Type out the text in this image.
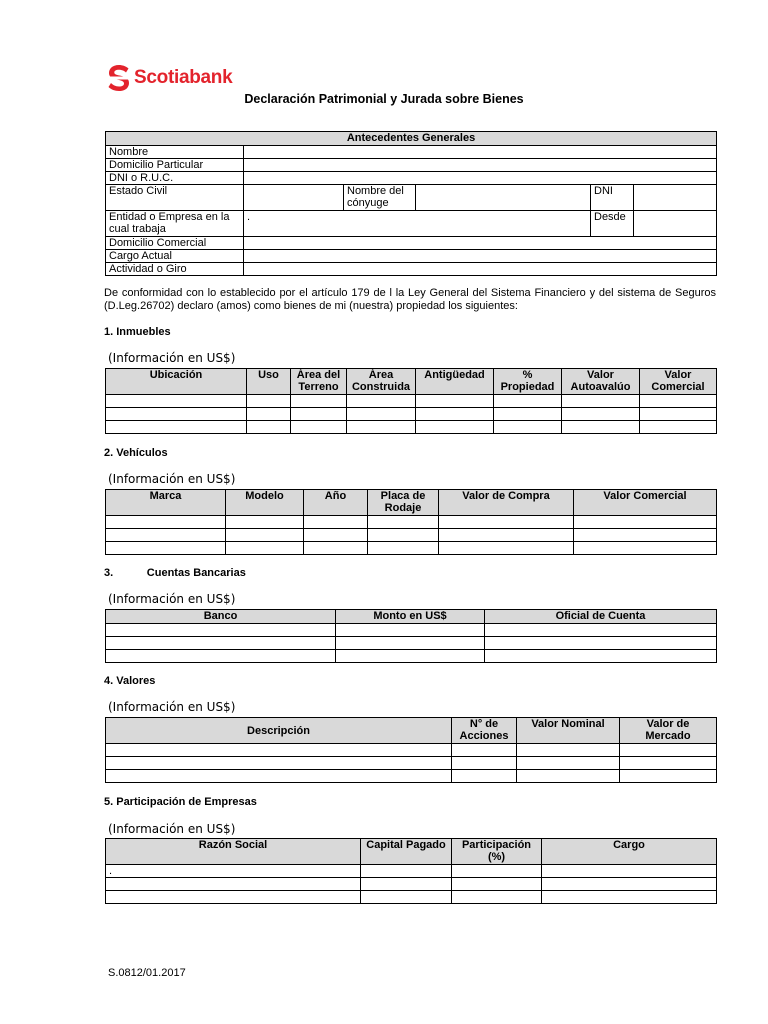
Scotiabank
Declaración Patrimonial y Jurada sobre Bienes
Antecedentes Generales					
Nombre					
Domicilio Particular					
DNI o R.U.C.					
Estado Civil		Nombre del cónyuge		DNI	
Entidad o Empresa en la cual trabaja	.			Desde	
Domicilio Comercial					
Cargo Actual					
Actividad o Giro					
De conformidad con lo establecido por el artículo 179 de l la Ley General del Sistema Financiero y del sistema de Seguros (D.Leg.26702) declaro (amos) como bienes de mi (nuestra) propiedad los siguientes:
1. Inmuebles
(Información en US$)
Ubicación	Uso	Área del Terreno	Área Construida	Antigüedad	% Propiedad	Valor Autoavalúo	Valor Comercial

2. Vehículos
(Información en US$)
Marca	Modelo	Año	Placa de Rodaje	Valor de Compra	Valor Comercial

3.           Cuentas Bancarias
(Información en US$)
Banco	Monto en US$	Oficial de Cuenta

4. Valores
(Información en US$)
Descripción	N° de Acciones	Valor Nominal	Valor de Mercado

5. Participación de Empresas
(Información en US$)
Razón Social	Capital Pagado	Participación (%)	Cargo
.			

S.0812/01.2017
